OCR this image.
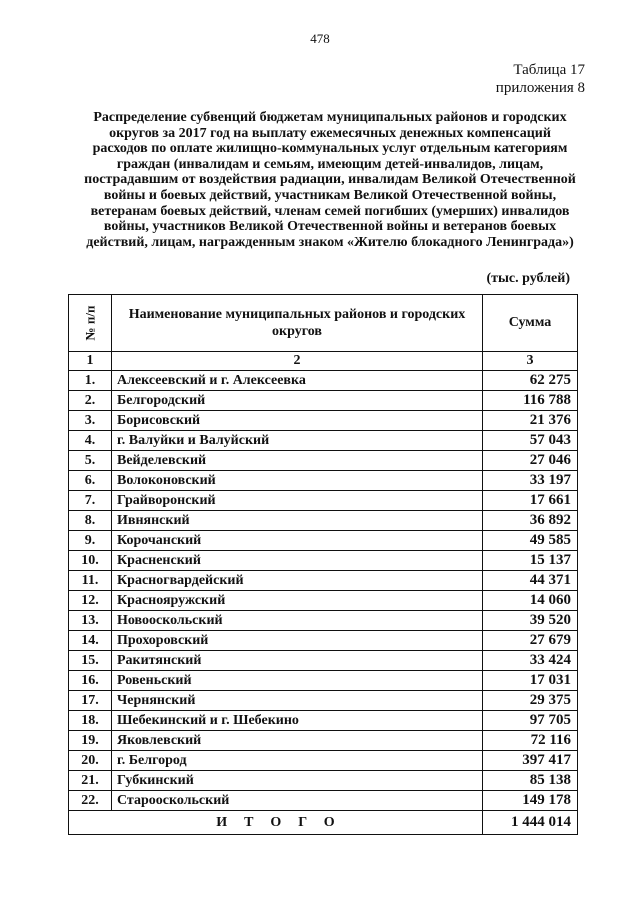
478
Таблица 17
приложения 8
Распределение субвенций бюджетам муниципальных районов и городских округов за 2017 год на выплату ежемесячных денежных компенсаций расходов по оплате жилищно-коммунальных услуг отдельным категориям граждан (инвалидам и семьям, имеющим детей-инвалидов, лицам, пострадавшим от воздействия радиации, инвалидам Великой Отечественной войны и боевых действий, участникам Великой Отечественной войны, ветеранам боевых действий, членам семей погибших (умерших) инвалидов войны, участников Великой Отечественной войны и ветеранов боевых действий, лицам, награжденным знаком «Жителю блокадного Ленинграда»)
(тыс. рублей)
№ п/п	Наименование муниципальных районов и городских округов	Сумма
1	2	3
1.	Алексеевский и г. Алексеевка	62 275
2.	Белгородский	116 788
3.	Борисовский	21 376
4.	г. Валуйки и Валуйский	57 043
5.	Вейделевский	27 046
6.	Волоконовский	33 197
7.	Грайворонский	17 661
8.	Ивнянский	36 892
9.	Корочанский	49 585
10.	Красненский	15 137
11.	Красногвардейский	44 371
12.	Краснояружский	14 060
13.	Новооскольский	39 520
14.	Прохоровский	27 679
15.	Ракитянский	33 424
16.	Ровеньский	17 031
17.	Чернянский	29 375
18.	Шебекинский и г. Шебекино	97 705
19.	Яковлевский	72 116
20.	г. Белгород	397 417
21.	Губкинский	85 138
22.	Старооскольский	149 178
ИТОГО		1 444 014
